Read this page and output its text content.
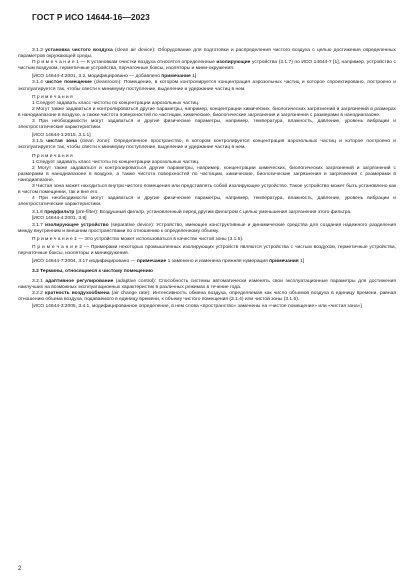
ГОСТ Р ИСО 14644-16—2023

3.1.3 установка чистого воздуха (clean air device): Оборудование для подготовки и распределения чистого воздуха с целью достижения определенных параметров окружающей среды.

П р и м е ч а н и е 1 — К установкам очистки воздуха относятся определенные изолирующие устройства (3.1.7) по ИСО 14644-7 [1], например, устройство с чистым воздухом, герметичные устройства, перчаточные боксы, изоляторы и мини-окружения.

[ИСО 14644-4:2001, 3.2, модифицировано — добавлено примечание 1]

3.1.4 чистое помещение (cleanroom): Помещение, в котором контролируется концентрация аэрозольных частиц и которое спроектировано, построено и эксплуатируется так, чтобы свести к минимуму поступление, выделение и удержание частиц в нем.

П р и м е ч а н и я

1 Следует задавать класс чистоты по концентрации аэрозольных частиц.

2 Могут также задаваться и контролироваться другие параметры, например, концентрации химических, биологических загрязнений и загрязнений в размерах в нанодиапазоне в воздухе, а также чистота поверхностей по частицам, химические, биологические загрязнения и загрязнения с размерами в нанодиапазоне.

3 При необходимости могут задаваться и другие физические параметры, например, температура, влажность, давление, уровень вибрации и электростатические характеристики.

[ИСО 14644-1:2015, 3.1.1]

3.1.5 чистая зона (clean zone): Определенное пространство, в котором контролируется концентрация аэрозольных частиц и которое построено и эксплуатируется так, чтобы свести к минимуму поступление, выделение и удержание частиц в нем.

П р и м е ч а н и я

1 Следует задавать класс чистоты по концентрации аэрозольных частиц.

2 Могут также задаваться и контролироваться другие параметры, например, концентрации химических, биологических загрязнений и загрязнений с размерами в нанодиапазоне в воздухе, а также чистота поверхностей по частицам, химические, биологические загрязнения и загрязнения с размерами в нанодиапазоне.

3 Чистая зона может находиться внутри чистого помещения или представлять собой изолирующее устройство. Такое устройство может быть установлено как в чистом помещении, так и вне его.

4 При необходимости могут задаваться и другие физические параметры, например, температура, влажность, давление, уровень вибрации и электростатические характеристики.

3.1.6 предфильтр (pre-filter): Воздушный фильтр, установленный перед другим фильтром с целью уменьшения загрязнения этого фильтра.

[ИСО 14644-4:2001, 3.8]

3.1.7 изолирующее устройство (separative device): Устройство, имеющее конструктивные и динамические средства для создания надежного разделения между внутренним и внешним пространствами по отношению к определенному объему.

П р и м е ч а н и е 1 — Это устройство может использоваться в качестве чистой зоны (3.1.5).

П р и м е ч а н и е 2 — Примерами некоторых промышленных изолирующих устройств являются устройства с чистым воздухом, герметичные устройства, перчаточные боксы, изоляторы и миникружения.

[ИСО 14644-7:2004, 3.17 модифицировано — примечание 1 заменено и изменена прежняя нумерация примечания 1]

3.2 Термины, относящиеся к чистому помещению

3.2.1 адаптивное регулирование (adaptive control): Способность системы автоматически изменять свои эксплуатационные параметры для достижения наилучших на возможных эксплуатационных характеристик в различных режимах в течение года.

3.2.2 кратность воздухообмена (air change rate): Интенсивность обмена воздуха, определяемая как число объемов воздуха в единицу времени, равная отношению объема воздуха, подаваемого в единицу времени, к объему чистого помещения (3.1.4) или чистой зоны (3.1.5).

[ИСО 14644-3:2005, 3.4.1, модифицированное определение, в нем слова «пространство» заменены на «чистое помещение» или «чистая зона»]

2
